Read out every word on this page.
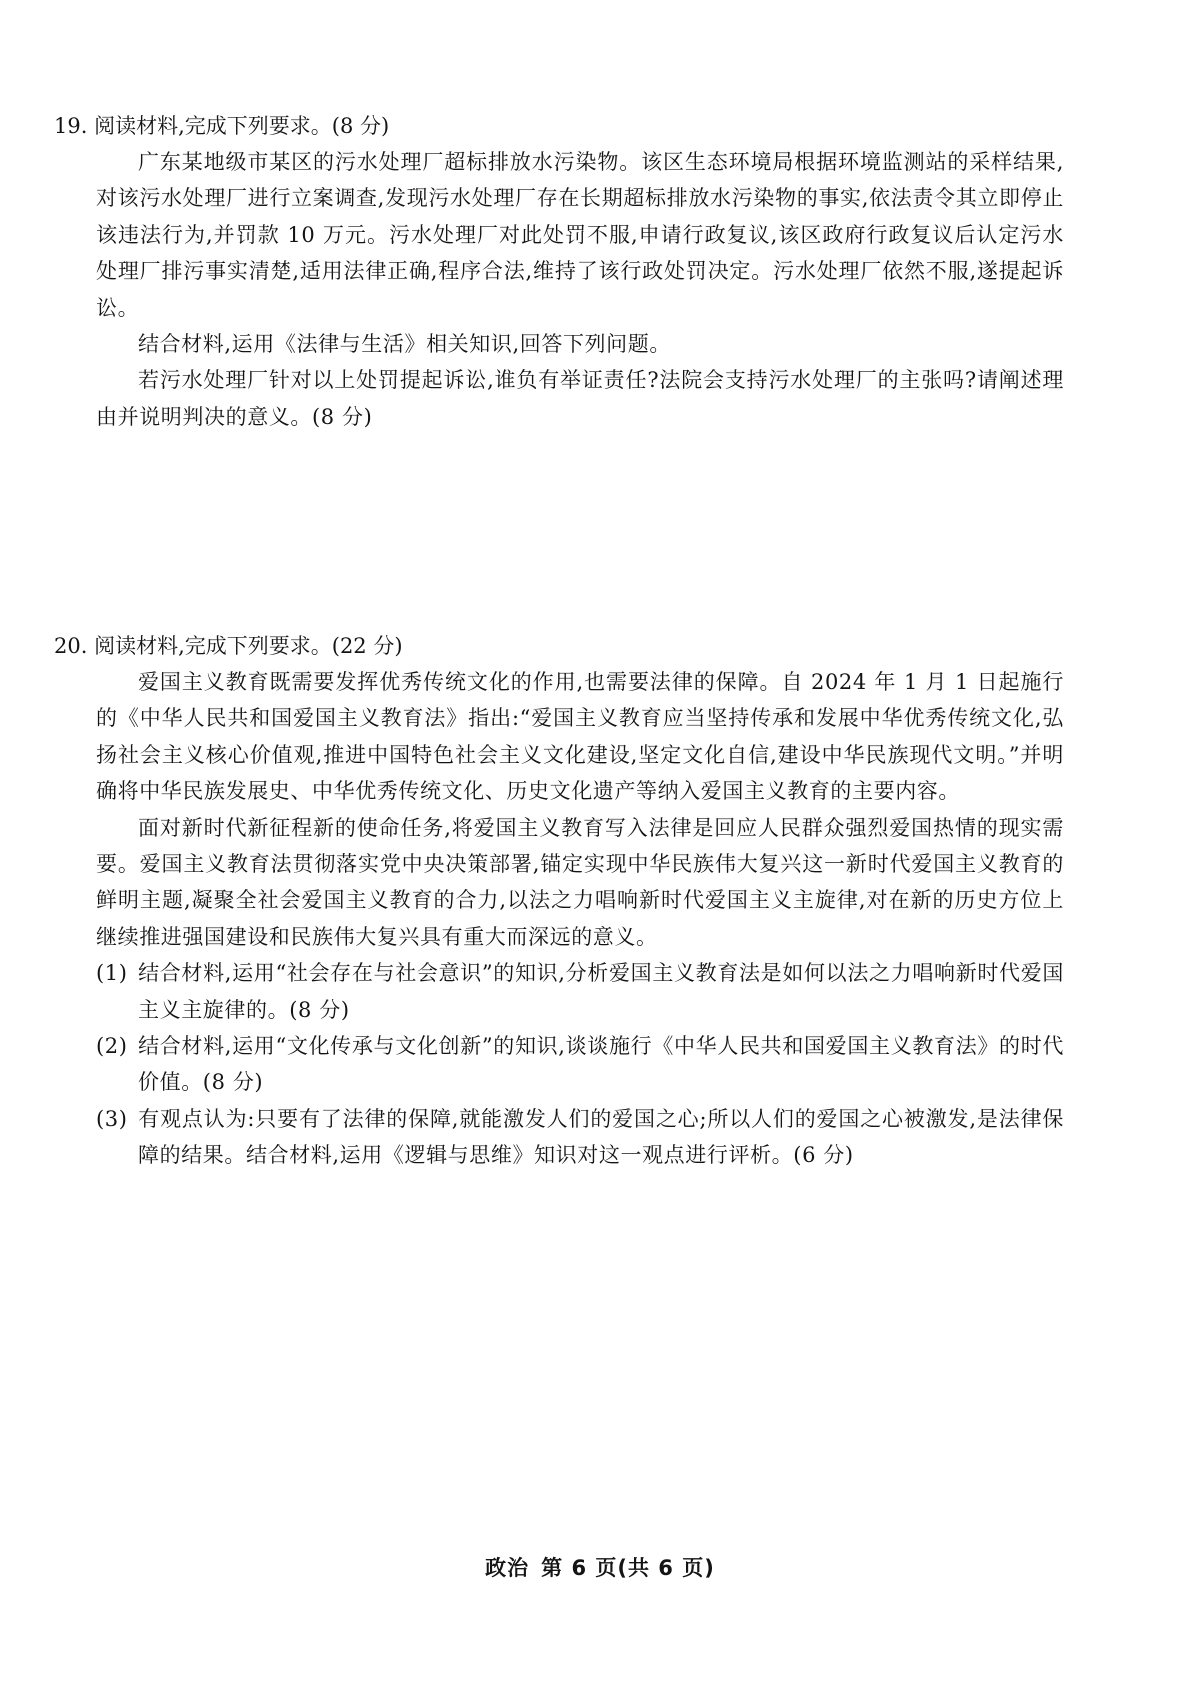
19. 阅读材料,完成下列要求。(8 分)

广东某地级市某区的污水处理厂超标排放水污染物。该区生态环境局根据环境监测站的采样结果,对该污水处理厂进行立案调查,发现污水处理厂存在长期超标排放水污染物的事实,依法责令其立即停止该违法行为,并罚款 10 万元。污水处理厂对此处罚不服,申请行政复议,该区政府行政复议后认定污水处理厂排污事实清楚,适用法律正确,程序合法,维持了该行政处罚决定。污水处理厂依然不服,遂提起诉讼。

结合材料,运用《法律与生活》相关知识,回答下列问题。

若污水处理厂针对以上处罚提起诉讼,谁负有举证责任?法院会支持污水处理厂的主张吗?请阐述理由并说明判决的意义。(8 分)

20. 阅读材料,完成下列要求。(22 分)

爱国主义教育既需要发挥优秀传统文化的作用,也需要法律的保障。自 2024 年 1 月 1 日起施行的《中华人民共和国爱国主义教育法》指出:“爱国主义教育应当坚持传承和发展中华优秀传统文化,弘扬社会主义核心价值观,推进中国特色社会主义文化建设,坚定文化自信,建设中华民族现代文明。”并明确将中华民族发展史、中华优秀传统文化、历史文化遗产等纳入爱国主义教育的主要内容。

面对新时代新征程新的使命任务,将爱国主义教育写入法律是回应人民群众强烈爱国热情的现实需要。爱国主义教育法贯彻落实党中央决策部署,锚定实现中华民族伟大复兴这一新时代爱国主义教育的鲜明主题,凝聚全社会爱国主义教育的合力,以法之力唱响新时代爱国主义主旋律,对在新的历史方位上继续推进强国建设和民族伟大复兴具有重大而深远的意义。

(1) 结合材料,运用“社会存在与社会意识”的知识,分析爱国主义教育法是如何以法之力唱响新时代爱国主义主旋律的。(8 分)

(2) 结合材料,运用“文化传承与文化创新”的知识,谈谈施行《中华人民共和国爱国主义教育法》的时代价值。(8 分)

(3) 有观点认为:只要有了法律的保障,就能激发人们的爱国之心;所以人们的爱国之心被激发,是法律保障的结果。结合材料,运用《逻辑与思维》知识对这一观点进行评析。(6 分)

政治 第 6 页(共 6 页)
